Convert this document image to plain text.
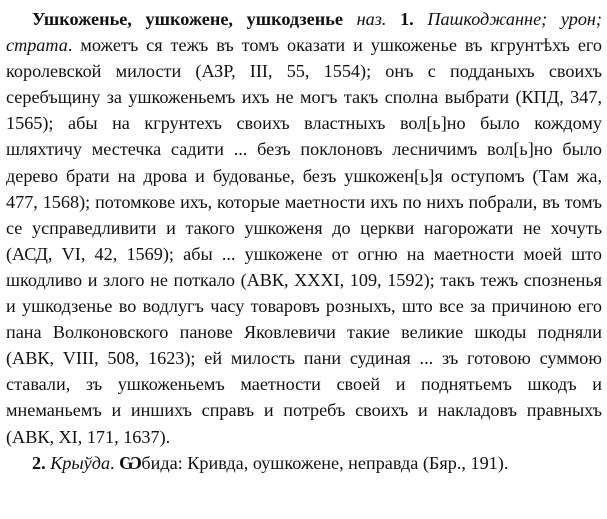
Ушкоженье, ушкожене, ушкодзенье наз. 1. Пашкоджанне; урон; страта. можетъ ся тежъ въ томъ оказати и ушкоженье въ кгрунтѣхъ его королевской милости (АЗР, III, 55, 1554); онъ с подданыхъ своихъ серебъщину за ушкоженьемъ ихъ не могъ такъ сполна выбрати (КПД, 347, 1565); абы на кгрунтехъ своихъ властныхъ вол[ь]но было кождому шляхтичу местечка садити ... безъ поклоновъ лесничимъ вол[ь]но было дерево брати на дрова и будованье, безъ ушкожен[ь]я оступомъ (Там жа, 477, 1568); потомкове ихъ, которые маетности ихъ по нихъ побрали, въ томъ се усправедливити и такого ушкоженя до церкви нагорожати не хочуть (АСД, VI, 42, 1569); абы ... ушкожене от огню на маетности моей што шкодливо и злого не поткало (АВК, XXXI, 109, 1592); такъ тежъ спозненья и ушкодзенье во водлугъ часу товаровъ розныхъ, што все за причиною его пана Волконовского панове Яковлевичи такие великие шкоды подняли (АВК, VIII, 508, 1623); ей милость пани судиная ... зъ готовою суммою ставали, зъ ушкоженьемъ маетности своей и поднятьемъ шкодъ и мнеманьемъ и иншихъ справъ и потребъ своихъ и накладовъ правныхъ (АВК, XI, 171, 1637).

2. Крыўда. Ѡбида: Кривда, оушкожене, неправда (Бяр., 191).
